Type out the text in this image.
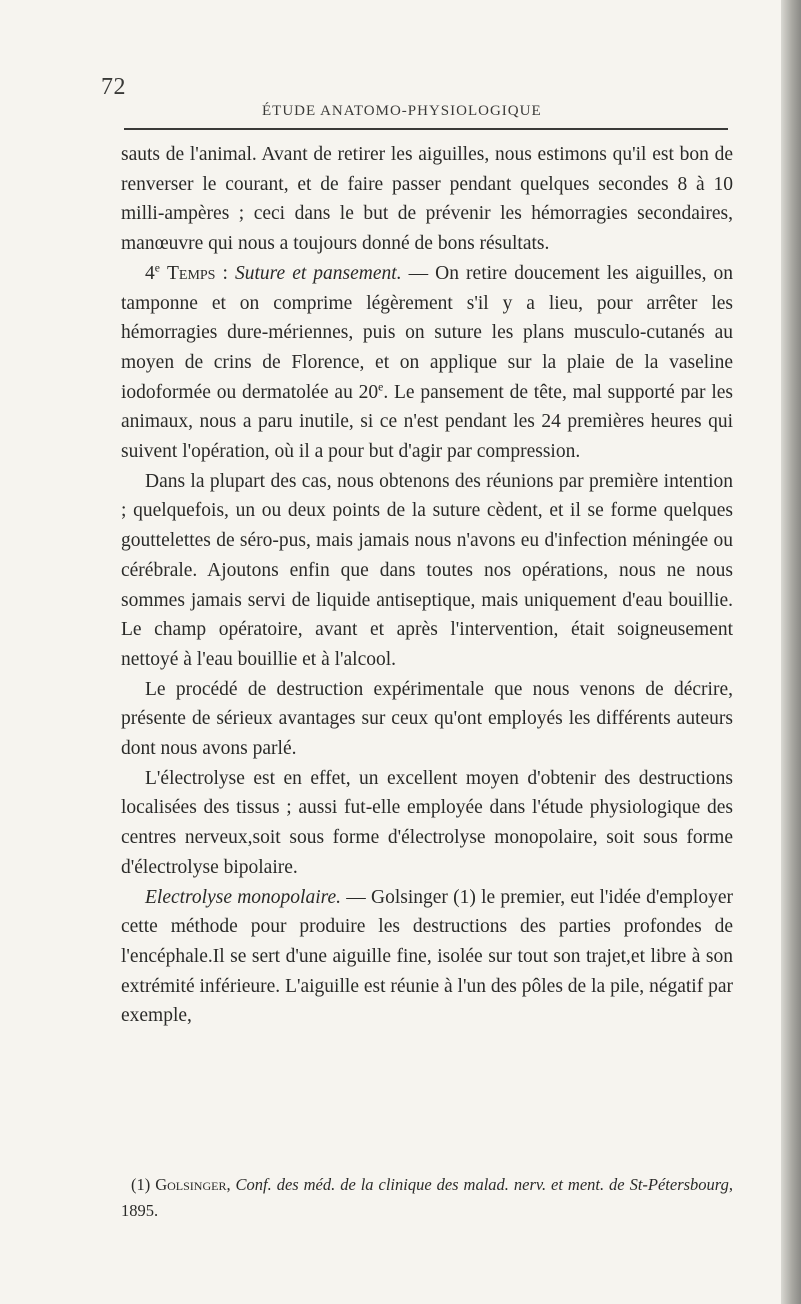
72
ÉTUDE ANATOMO-PHYSIOLOGIQUE

sauts de l'animal. Avant de retirer les aiguilles, nous estimons qu'il est bon de renverser le courant, et de faire passer pendant quelques secondes 8 à 10 milli-ampères ; ceci dans le but de prévenir les hémorragies secondaires, manœuvre qui nous a toujours donné de bons résultats.

4e Temps : Suture et pansement. — On retire doucement les aiguilles, on tamponne et on comprime légèrement s'il y a lieu, pour arrêter les hémorragies dure-mériennes, puis on suture les plans musculo-cutanés au moyen de crins de Florence, et on applique sur la plaie de la vaseline iodoformée ou dermatolée au 20e. Le pansement de tête, mal supporté par les animaux, nous a paru inutile, si ce n'est pendant les 24 premières heures qui suivent l'opération, où il a pour but d'agir par compression.

Dans la plupart des cas, nous obtenons des réunions par première intention ; quelquefois, un ou deux points de la suture cèdent, et il se forme quelques gouttelettes de séro-pus, mais jamais nous n'avons eu d'infection méningée ou cérébrale. Ajoutons enfin que dans toutes nos opérations, nous ne nous sommes jamais servi de liquide antiseptique, mais uniquement d'eau bouillie. Le champ opératoire, avant et après l'intervention, était soigneusement nettoyé à l'eau bouillie et à l'alcool.

Le procédé de destruction expérimentale que nous venons de décrire, présente de sérieux avantages sur ceux qu'ont employés les différents auteurs dont nous avons parlé.

L'électrolyse est en effet, un excellent moyen d'obtenir des destructions localisées des tissus ; aussi fut-elle employée dans l'étude physiologique des centres nerveux,soit sous forme d'électrolyse monopolaire, soit sous forme d'électrolyse bipolaire.

Electrolyse monopolaire. — Golsinger (1) le premier, eut l'idée d'employer cette méthode pour produire les destructions des parties profondes de l'encéphale.Il se sert d'une aiguille fine, isolée sur tout son trajet,et libre à son extrémité inférieure. L'aiguille est réunie à l'un des pôles de la pile, négatif par exemple,

(1) Golsinger, Conf. des méd. de la clinique des malad. nerv. et ment. de St-Pétersbourg, 1895.
